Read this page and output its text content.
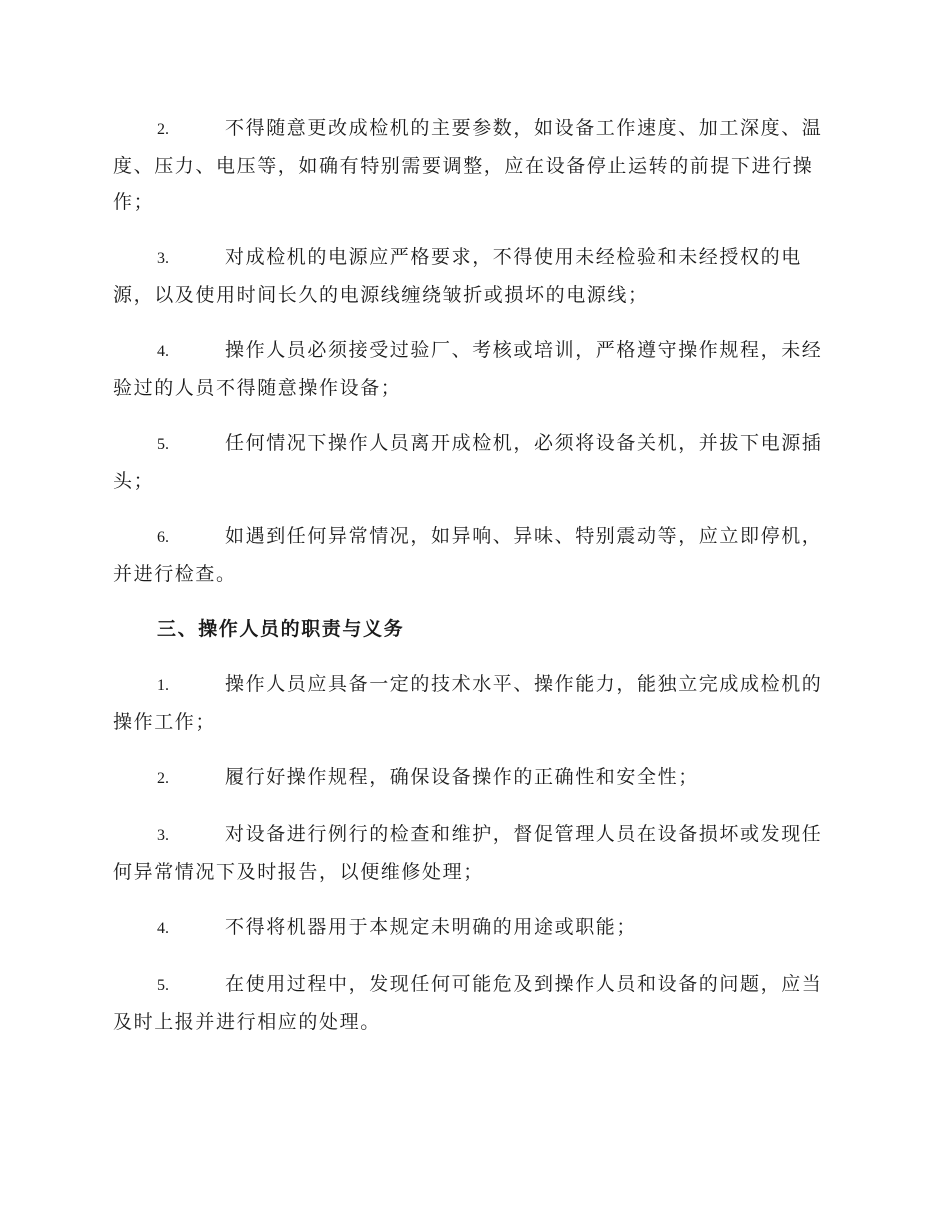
2.	不得随意更改成检机的主要参数，如设备工作速度、加工深度、温度、压力、电压等，如确有特别需要调整，应在设备停止运转的前提下进行操作；

3.	对成检机的电源应严格要求，不得使用未经检验和未经授权的电源，以及使用时间长久的电源线缠绕皱折或损坏的电源线；

4.	操作人员必须接受过验厂、考核或培训，严格遵守操作规程，未经验过的人员不得随意操作设备；

5.	任何情况下操作人员离开成检机，必须将设备关机，并拔下电源插头；

6.	如遇到任何异常情况，如异响、异味、特别震动等，应立即停机，并进行检查。

三、操作人员的职责与义务

1.	操作人员应具备一定的技术水平、操作能力，能独立完成成检机的操作工作；

2.	履行好操作规程，确保设备操作的正确性和安全性；

3.	对设备进行例行的检查和维护，督促管理人员在设备损坏或发现任何异常情况下及时报告，以便维修处理；

4.	不得将机器用于本规定未明确的用途或职能；

5.	在使用过程中，发现任何可能危及到操作人员和设备的问题，应当及时上报并进行相应的处理。
